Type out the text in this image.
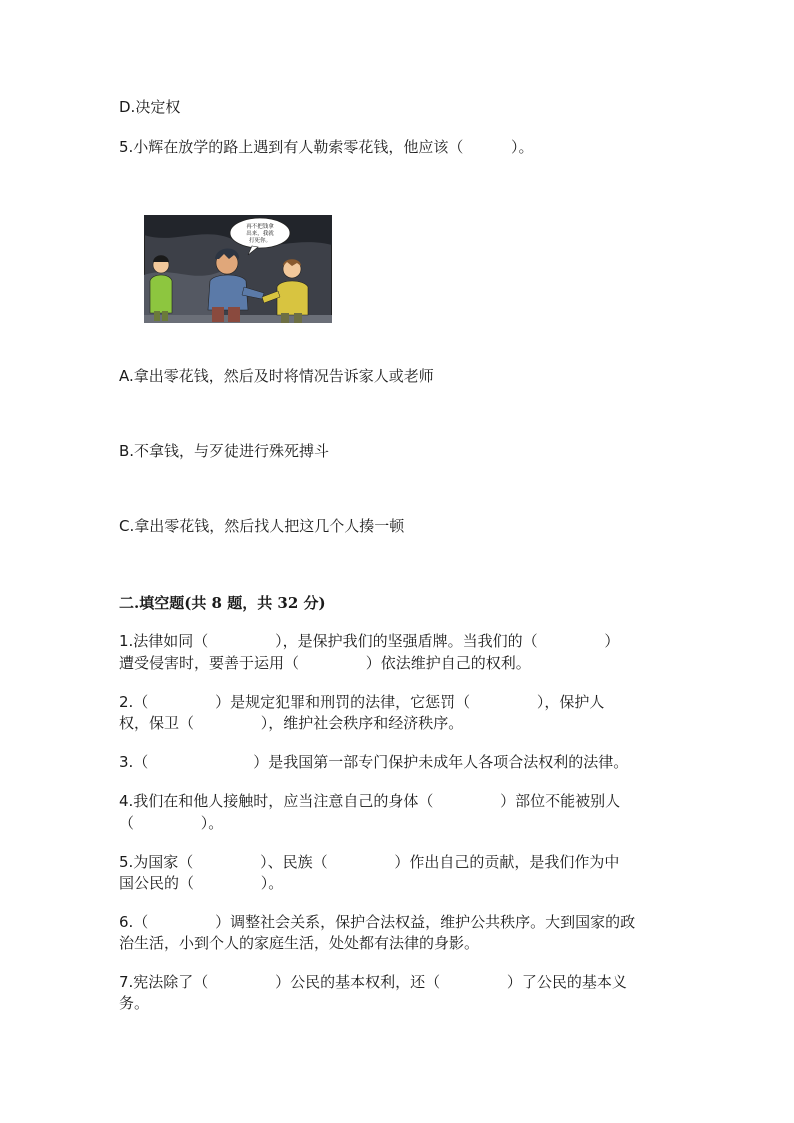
D.决定权
5.小辉在放学的路上遇到有人勒索零花钱，他应该（          ）。
再不把钱拿
出来，我就
打死你。
A.拿出零花钱，然后及时将情况告诉家人或老师
B.不拿钱，与歹徒进行殊死搏斗
C.拿出零花钱，然后找人把这几个人揍一顿
二.填空题(共 8 题，共 32 分)
1.法律如同（              ），是保护我们的坚强盾牌。当我们的（              ）
遭受侵害时，要善于运用（              ）依法维护自己的权利。
2.（              ）是规定犯罪和刑罚的法律，它惩罚（              ），保护人
权，保卫（              ），维护社会秩序和经济秩序。
3.（                      ）是我国第一部专门保护未成年人各项合法权利的法律。
4.我们在和他人接触时，应当注意自己的身体（              ）部位不能被别人
（              ）。
5.为国家（              ）、民族（              ）作出自己的贡献，是我们作为中
国公民的（              ）。
6.（              ）调整社会关系，保护合法权益，维护公共秩序。大到国家的政
治生活，小到个人的家庭生活，处处都有法律的身影。
7.宪法除了（              ）公民的基本权利，还（              ）了公民的基本义
务。
